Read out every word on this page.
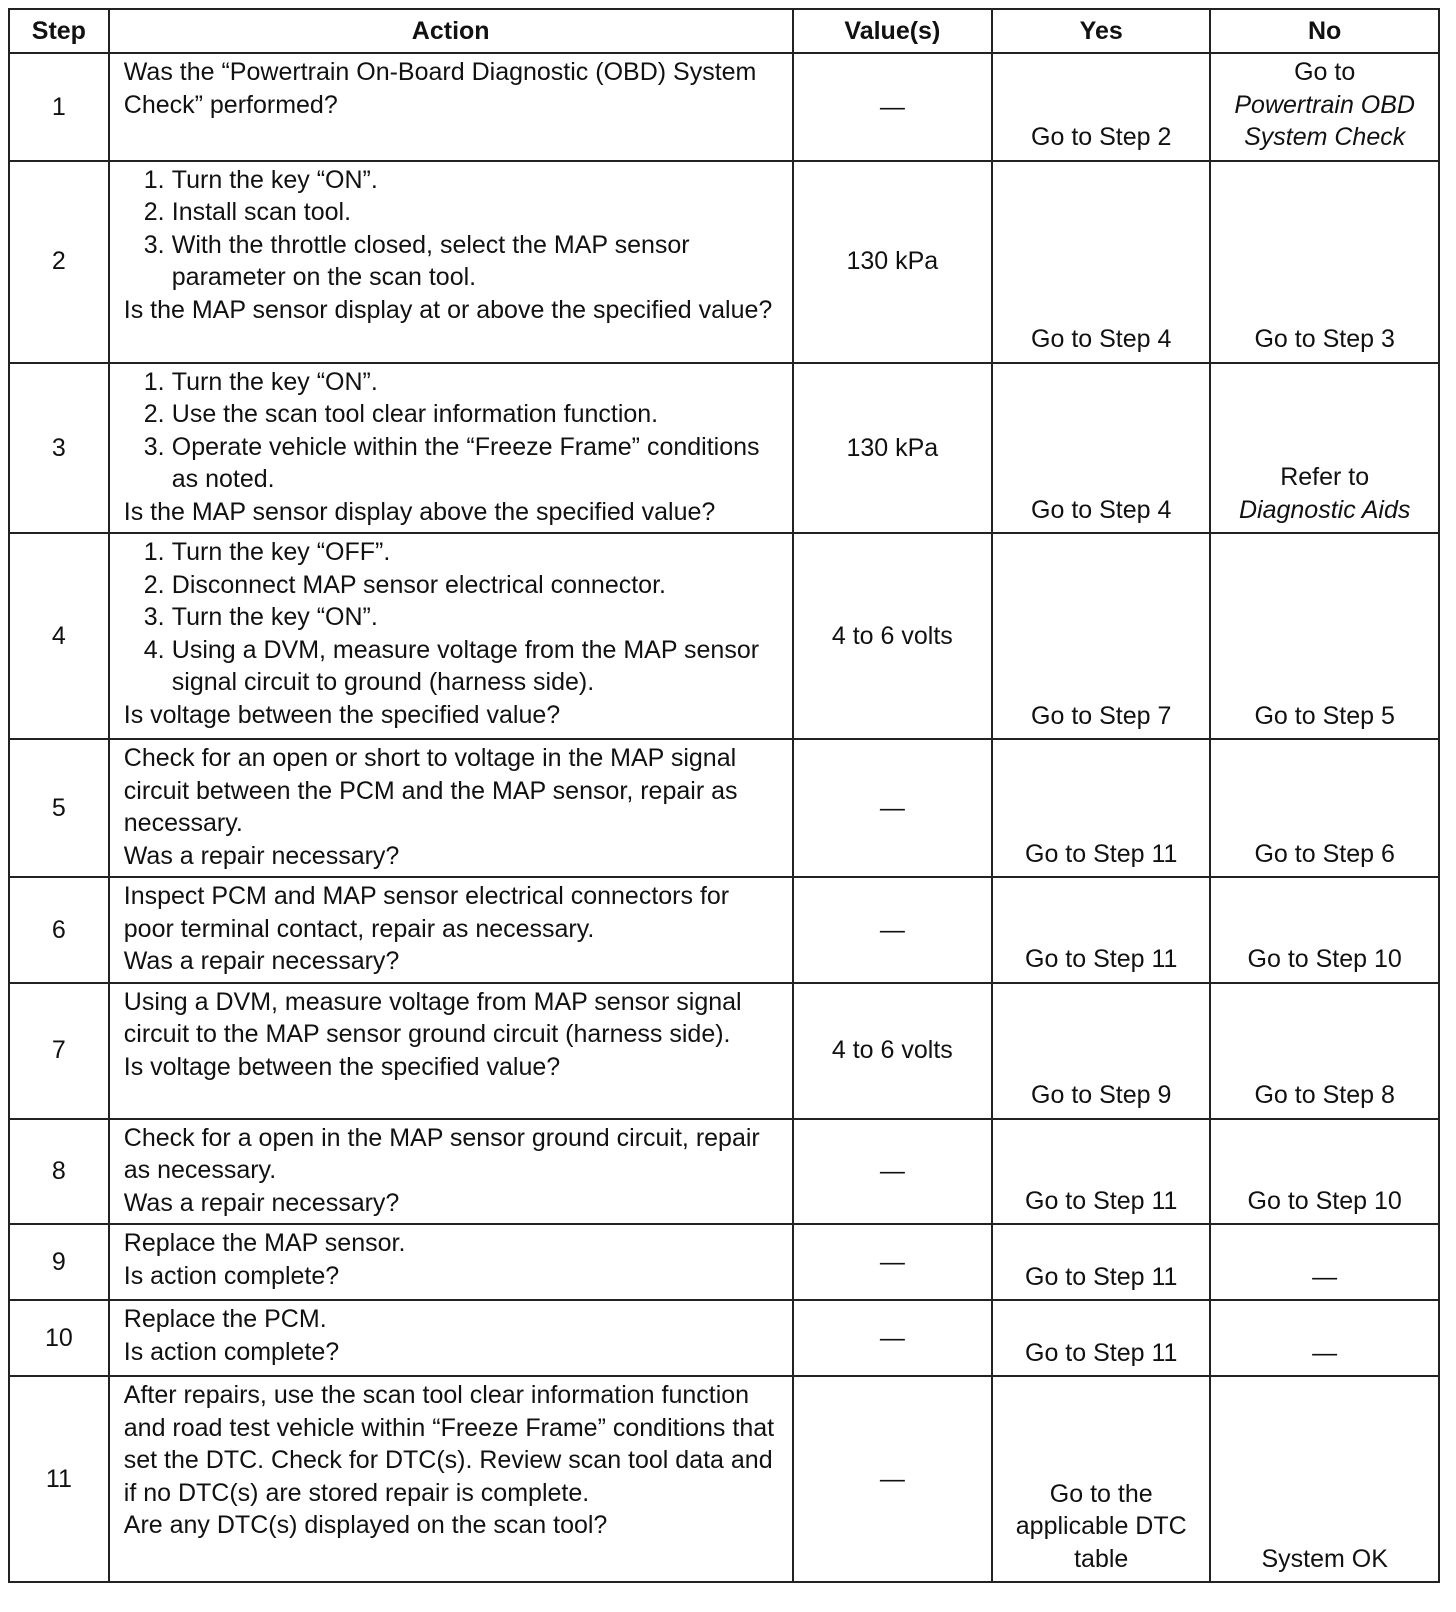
Step	Action	Value(s)	Yes	No
1	Was the “Powertrain On-Board Diagnostic (OBD) System Check” performed?	—	Go to Step 2	Go to
Powertrain OBD System Check

2	1. Turn the key “ON”.
2. Install scan tool.
3. With the throttle closed, select the MAP sensor parameter on the scan tool.
Is the MAP sensor display at or above the specified value?	130 kPa	Go to Step 4	Go to Step 3

3	1. Turn the key “ON”.
2. Use the scan tool clear information function.
3. Operate vehicle within the “Freeze Frame” conditions as noted.
Is the MAP sensor display above the specified value?	130 kPa	Go to Step 4	Refer to
Diagnostic Aids

4	1. Turn the key “OFF”.
2. Disconnect MAP sensor electrical connector.
3. Turn the key “ON”.
4. Using a DVM, measure voltage from the MAP sensor signal circuit to ground (harness side).
Is voltage between the specified value?	4 to 6 volts	Go to Step 7	Go to Step 5

5	Check for an open or short to voltage in the MAP signal circuit between the PCM and the MAP sensor, repair as necessary.
Was a repair necessary?	—	Go to Step 11	Go to Step 6

6	Inspect PCM and MAP sensor electrical connectors for poor terminal contact, repair as necessary.
Was a repair necessary?	—	Go to Step 11	Go to Step 10

7	Using a DVM, measure voltage from MAP sensor signal circuit to the MAP sensor ground circuit (harness side).
Is voltage between the specified value?	4 to 6 volts	Go to Step 9	Go to Step 8

8	Check for a open in the MAP sensor ground circuit, repair as necessary.
Was a repair necessary?	—	Go to Step 11	Go to Step 10

9	Replace the MAP sensor.
Is action complete?	—	Go to Step 11	—

10	Replace the PCM.
Is action complete?	—	Go to Step 11	—

11	After repairs, use the scan tool clear information function and road test vehicle within “Freeze Frame” conditions that set the DTC. Check for DTC(s). Review scan tool data and if no DTC(s) are stored repair is complete.
Are any DTC(s) displayed on the scan tool?	—	Go to the applicable DTC table	System OK
